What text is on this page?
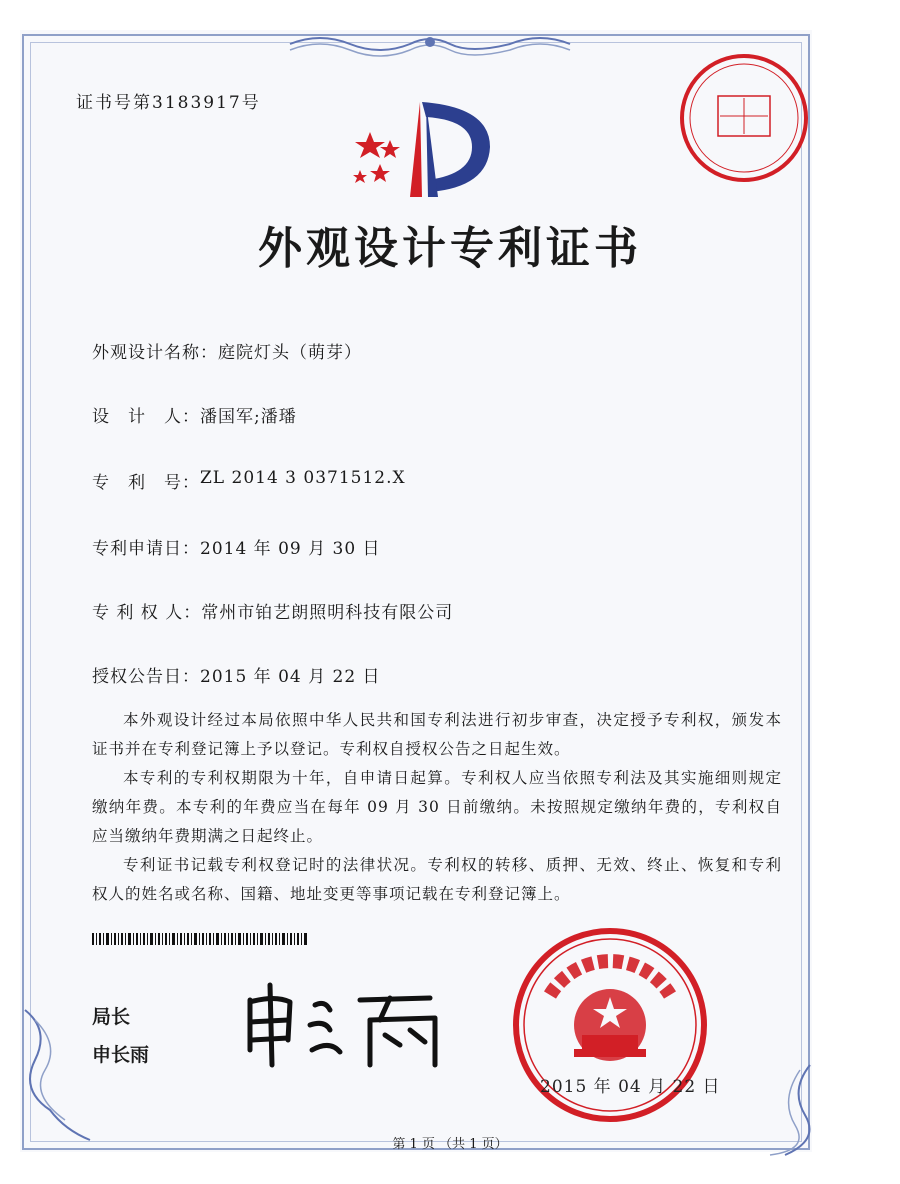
证书号第3183917号
外观设计专利证书
外观设计名称： 庭院灯头（萌芽）
设　计　人： 潘国军;潘璠
专　利　号： ZL 2014 3 0371512.X
专利申请日： 2014 年 09 月 30 日
专 利 权 人： 常州市铂艺朗照明科技有限公司
授权公告日： 2015 年 04 月 22 日

本外观设计经过本局依照中华人民共和国专利法进行初步审查，决定授予专利权，颁发本证书并在专利登记簿上予以登记。专利权自授权公告之日起生效。

本专利的专利权期限为十年，自申请日起算。专利权人应当依照专利法及其实施细则规定缴纳年费。本专利的年费应当在每年 09 月 30 日前缴纳。未按照规定缴纳年费的，专利权自应当缴纳年费期满之日起终止。

专利证书记载专利权登记时的法律状况。专利权的转移、质押、无效、终止、恢复和专利权人的姓名或名称、国籍、地址变更等事项记载在专利登记簿上。

局长
申长雨
2015 年 04 月 22 日
第 1 页 （共 1 页）
